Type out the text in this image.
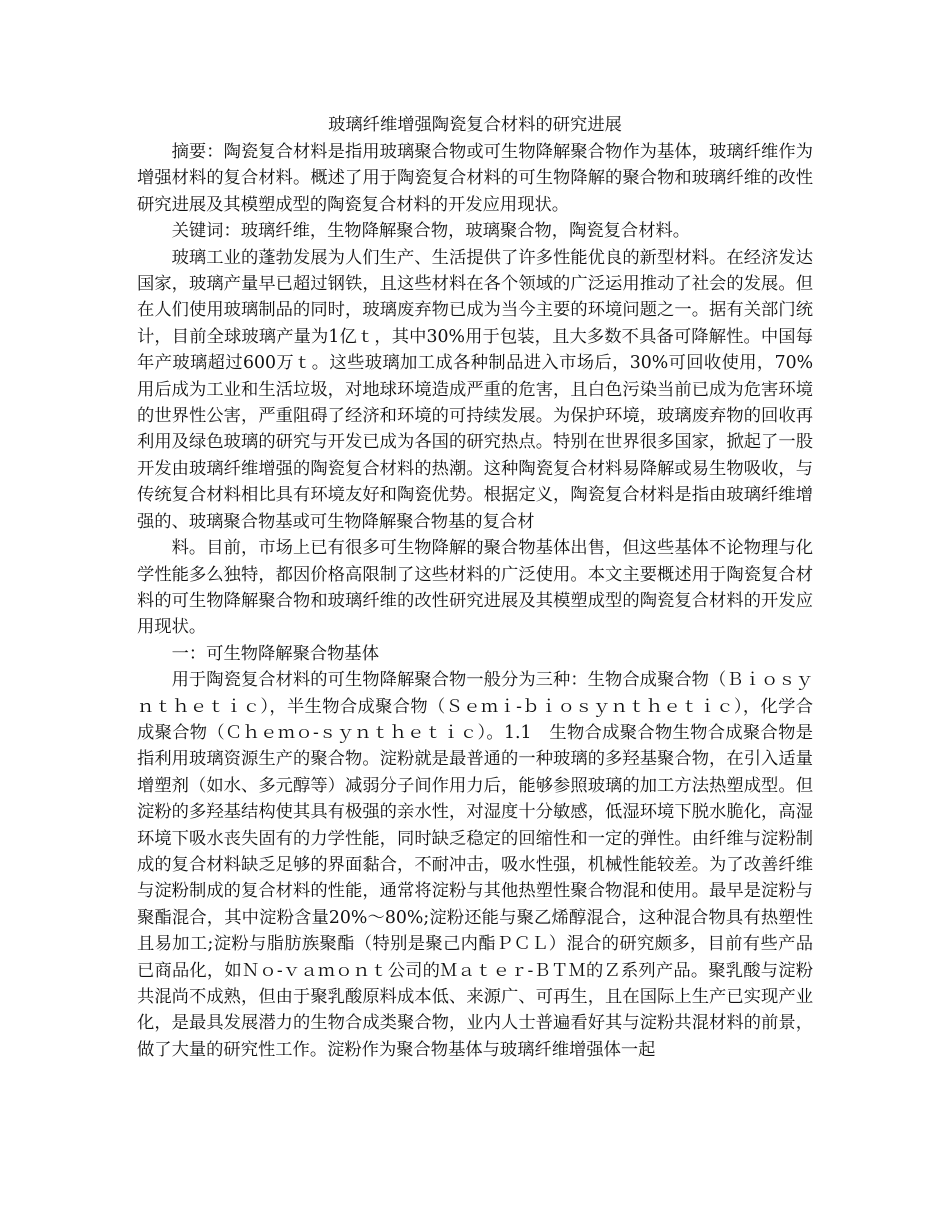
玻璃纤维增强陶瓷复合材料的研究进展

摘要：陶瓷复合材料是指用玻璃聚合物或可生物降解聚合物作为基体，玻璃纤维作为增强材料的复合材料。概述了用于陶瓷复合材料的可生物降解的聚合物和玻璃纤维的改性研究进展及其模塑成型的陶瓷复合材料的开发应用现状。

关键词：玻璃纤维，生物降解聚合物，玻璃聚合物，陶瓷复合材料。

玻璃工业的蓬勃发展为人们生产、生活提供了许多性能优良的新型材料。在经济发达国家，玻璃产量早已超过钢铁，且这些材料在各个领域的广泛运用推动了社会的发展。但在人们使用玻璃制品的同时，玻璃废弃物已成为当今主要的环境问题之一。据有关部门统计，目前全球玻璃产量为1亿ｔ，其中30%用于包装，且大多数不具备可降解性。中国每年产玻璃超过600万ｔ。这些玻璃加工成各种制品进入市场后，30%可回收使用，70%用后成为工业和生活垃圾，对地球环境造成严重的危害，且白色污染当前已成为危害环境的世界性公害，严重阻碍了经济和环境的可持续发展。为保护环境，玻璃废弃物的回收再利用及绿色玻璃的研究与开发已成为各国的研究热点。特别在世界很多国家，掀起了一股开发由玻璃纤维增强的陶瓷复合材料的热潮。这种陶瓷复合材料易降解或易生物吸收，与传统复合材料相比具有环境友好和陶瓷优势。根据定义，陶瓷复合材料是指由玻璃纤维增强的、玻璃聚合物基或可生物降解聚合物基的复合材

料。目前，市场上已有很多可生物降解的聚合物基体出售，但这些基体不论物理与化学性能多么独特，都因价格高限制了这些材料的广泛使用。本文主要概述用于陶瓷复合材料的可生物降解聚合物和玻璃纤维的改性研究进展及其模塑成型的陶瓷复合材料的开发应用现状。

一：可生物降解聚合物基体

用于陶瓷复合材料的可生物降解聚合物一般分为三种：生物合成聚合物（Ｂｉｏｓｙｎｔｈｅｔｉｃ），半生物合成聚合物（Ｓｅｍｉ-ｂｉｏｓｙｎｔｈｅｔｉｃ），化学合成聚合物（Ｃｈｅｍｏ-ｓｙｎｔｈｅｔｉｃ）。1.1　生物合成聚合物生物合成聚合物是指利用玻璃资源生产的聚合物。淀粉就是最普通的一种玻璃的多羟基聚合物，在引入适量增塑剂（如水、多元醇等）减弱分子间作用力后，能够参照玻璃的加工方法热塑成型。但淀粉的多羟基结构使其具有极强的亲水性，对湿度十分敏感，低湿环境下脱水脆化，高湿环境下吸水丧失固有的力学性能，同时缺乏稳定的回缩性和一定的弹性。由纤维与淀粉制成的复合材料缺乏足够的界面黏合，不耐冲击，吸水性强，机械性能较差。为了改善纤维与淀粉制成的复合材料的性能，通常将淀粉与其他热塑性聚合物混和使用。最早是淀粉与聚酯混合，其中淀粉含量20%～80%;淀粉还能与聚乙烯醇混合，这种混合物具有热塑性且易加工;淀粉与脂肪族聚酯（特别是聚己内酯ＰＣＬ）混合的研究颇多，目前有些产品已商品化，如Ｎｏ-ｖａｍｏｎｔ公司的Ｍａｔｅｒ-ＢＴＭ的Ｚ系列产品。聚乳酸与淀粉共混尚不成熟，但由于聚乳酸原料成本低、来源广、可再生，且在国际上生产已实现产业化，是最具发展潜力的生物合成类聚合物，业内人士普遍看好其与淀粉共混材料的前景，做了大量的研究性工作。淀粉作为聚合物基体与玻璃纤维增强体一起
